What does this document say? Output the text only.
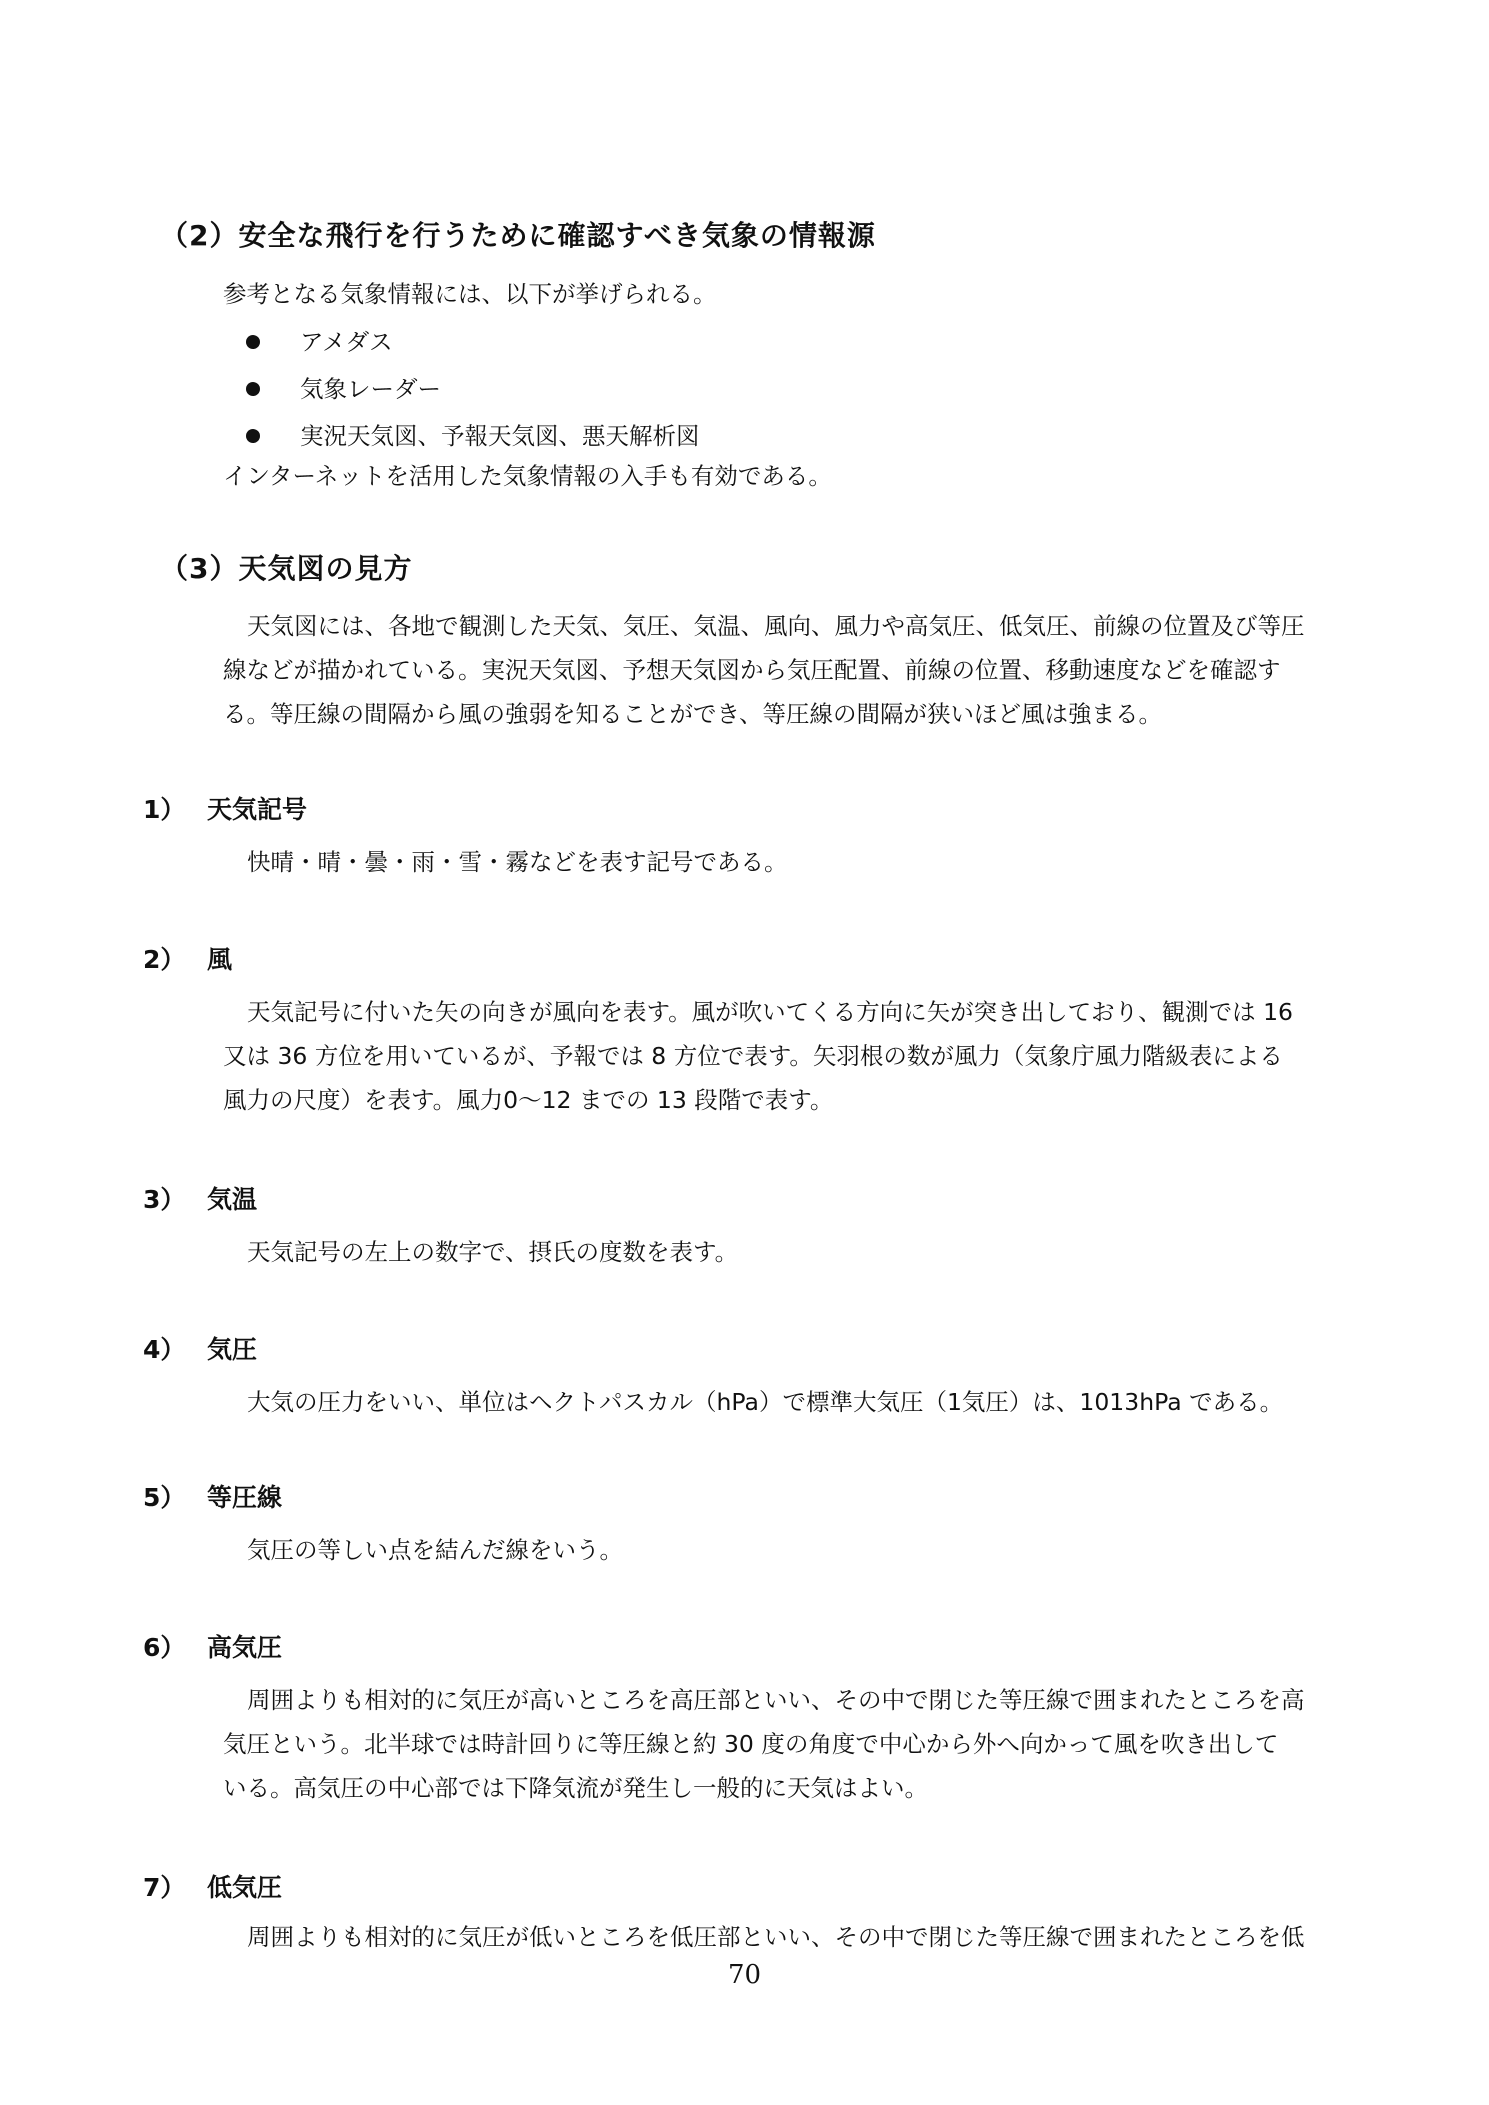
（2）安全な飛行を行うために確認すべき気象の情報源
参考となる気象情報には、以下が挙げられる。
アメダス
気象レーダー
実況天気図、予報天気図、悪天解析図
インターネットを活用した気象情報の入手も有効である。
（3）天気図の見方
天気図には、各地で観測した天気、気圧、気温、風向、風力や高気圧、低気圧、前線の位置及び等圧
線などが描かれている。実況天気図、予想天気図から気圧配置、前線の位置、移動速度などを確認す
る。等圧線の間隔から風の強弱を知ることができ、等圧線の間隔が狭いほど風は強まる。
1） 天気記号
快晴・晴・曇・雨・雪・霧などを表す記号である。
2） 風
天気記号に付いた矢の向きが風向を表す。風が吹いてくる方向に矢が突き出しており、観測では 16
又は 36 方位を用いているが、予報では 8 方位で表す。矢羽根の数が風力（気象庁風力階級表による
風力の尺度）を表す。風力0～12 までの 13 段階で表す。
3） 気温
天気記号の左上の数字で、摂氏の度数を表す。
4） 気圧
大気の圧力をいい、単位はヘクトパスカル（hPa）で標準大気圧（1気圧）は、1013hPa である。
5） 等圧線
気圧の等しい点を結んだ線をいう。
6） 高気圧
周囲よりも相対的に気圧が高いところを高圧部といい、その中で閉じた等圧線で囲まれたところを高
気圧という。北半球では時計回りに等圧線と約 30 度の角度で中心から外へ向かって風を吹き出して
いる。高気圧の中心部では下降気流が発生し一般的に天気はよい。
7） 低気圧
周囲よりも相対的に気圧が低いところを低圧部といい、その中で閉じた等圧線で囲まれたところを低
70
